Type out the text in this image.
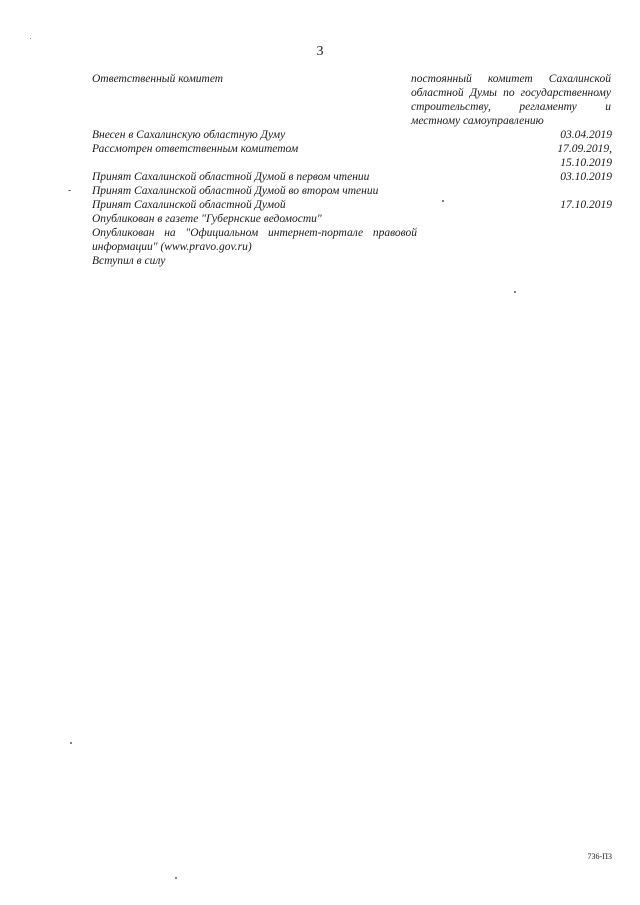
3
Ответственный комитет	постоянный комитет Сахалинской областной Думы по государственному строительству, регламенту и местному самоуправлению
Внесен в Сахалинскую областную Думу	03.04.2019
Рассмотрен ответственным комитетом	17.09.2019,
15.10.2019
Принят Сахалинской областной Думой в первом чтении	03.10.2019
Принят Сахалинской областной Думой во втором чтении
Принят Сахалинской областной Думой	17.10.2019
Опубликован в газете "Губернские ведомости"
Опубликован на "Официальном интернет-портале правовой информации" (www.pravo.gov.ru)
Вступил в силу
736-ПЗ
